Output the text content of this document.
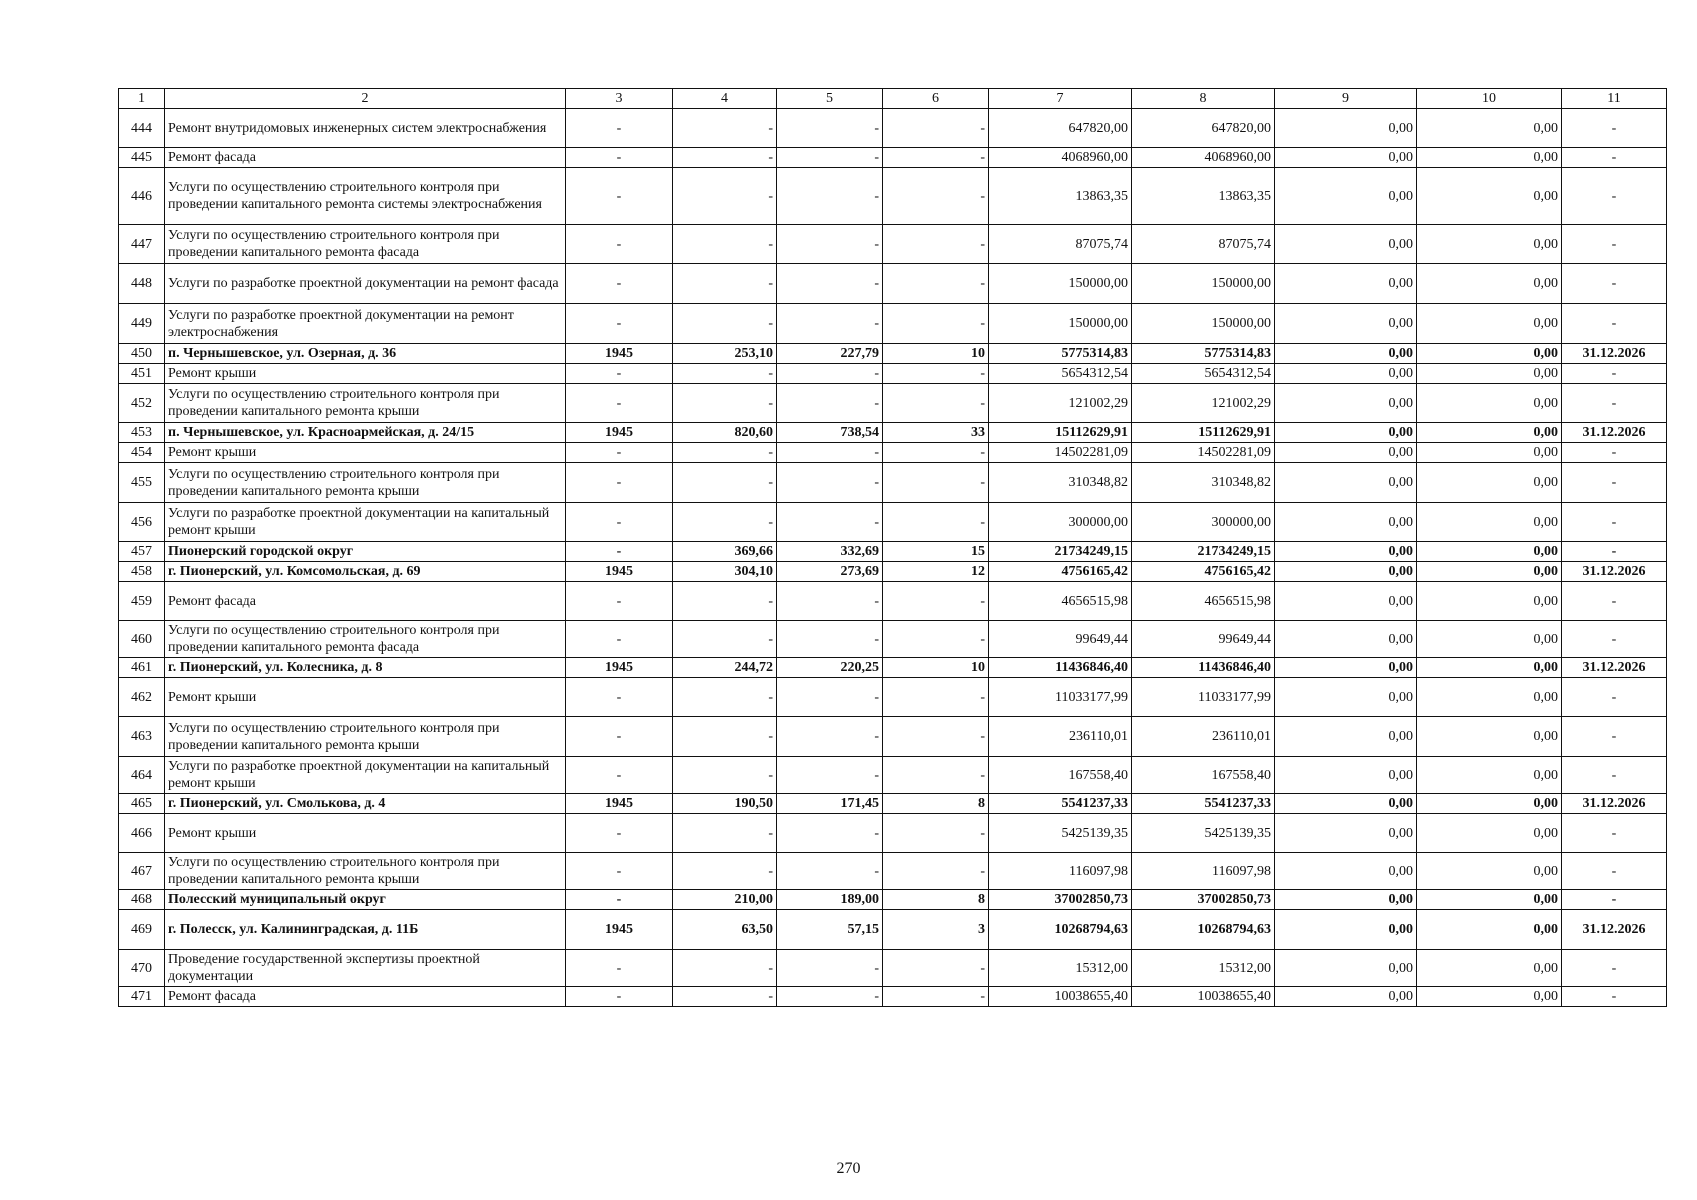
1	2	3	4	5	6	7	8	9	10	11
444	Ремонт внутридомовых инженерных систем электроснабжения	-	-	-	-	647820,00	647820,00	0,00	0,00	-
445	Ремонт фасада	-	-	-	-	4068960,00	4068960,00	0,00	0,00	-
446	Услуги по осуществлению строительного контроля при проведении капитального ремонта системы электроснабжения	-	-	-	-	13863,35	13863,35	0,00	0,00	-
447	Услуги по осуществлению строительного контроля при проведении капитального ремонта фасада	-	-	-	-	87075,74	87075,74	0,00	0,00	-
448	Услуги по разработке проектной документации на ремонт фасада	-	-	-	-	150000,00	150000,00	0,00	0,00	-
449	Услуги по разработке проектной документации на ремонт электроснабжения	-	-	-	-	150000,00	150000,00	0,00	0,00	-
450	п. Чернышевское, ул. Озерная, д. 36	1945	253,10	227,79	10	5775314,83	5775314,83	0,00	0,00	31.12.2026
451	Ремонт крыши	-	-	-	-	5654312,54	5654312,54	0,00	0,00	-
452	Услуги по осуществлению строительного контроля при проведении капитального ремонта крыши	-	-	-	-	121002,29	121002,29	0,00	0,00	-
453	п. Чернышевское, ул. Красноармейская, д. 24/15	1945	820,60	738,54	33	15112629,91	15112629,91	0,00	0,00	31.12.2026
454	Ремонт крыши	-	-	-	-	14502281,09	14502281,09	0,00	0,00	-
455	Услуги по осуществлению строительного контроля при проведении капитального ремонта крыши	-	-	-	-	310348,82	310348,82	0,00	0,00	-
456	Услуги по разработке проектной документации на капитальный ремонт крыши	-	-	-	-	300000,00	300000,00	0,00	0,00	-
457	Пионерский городской округ	-	369,66	332,69	15	21734249,15	21734249,15	0,00	0,00	-
458	г. Пионерский, ул. Комсомольская, д. 69	1945	304,10	273,69	12	4756165,42	4756165,42	0,00	0,00	31.12.2026
459	Ремонт фасада	-	-	-	-	4656515,98	4656515,98	0,00	0,00	-
460	Услуги по осуществлению строительного контроля при проведении капитального ремонта фасада	-	-	-	-	99649,44	99649,44	0,00	0,00	-
461	г. Пионерский, ул. Колесника, д. 8	1945	244,72	220,25	10	11436846,40	11436846,40	0,00	0,00	31.12.2026
462	Ремонт крыши	-	-	-	-	11033177,99	11033177,99	0,00	0,00	-
463	Услуги по осуществлению строительного контроля при проведении капитального ремонта крыши	-	-	-	-	236110,01	236110,01	0,00	0,00	-
464	Услуги по разработке проектной документации на капитальный ремонт крыши	-	-	-	-	167558,40	167558,40	0,00	0,00	-
465	г. Пионерский, ул. Смолькова, д. 4	1945	190,50	171,45	8	5541237,33	5541237,33	0,00	0,00	31.12.2026
466	Ремонт крыши	-	-	-	-	5425139,35	5425139,35	0,00	0,00	-
467	Услуги по осуществлению строительного контроля при проведении капитального ремонта крыши	-	-	-	-	116097,98	116097,98	0,00	0,00	-
468	Полесский муниципальный округ	-	210,00	189,00	8	37002850,73	37002850,73	0,00	0,00	-
469	г. Полесск, ул. Калининградская, д. 11Б	1945	63,50	57,15	3	10268794,63	10268794,63	0,00	0,00	31.12.2026
470	Проведение государственной экспертизы проектной документации	-	-	-	-	15312,00	15312,00	0,00	0,00	-
471	Ремонт фасада	-	-	-	-	10038655,40	10038655,40	0,00	0,00	-
270
